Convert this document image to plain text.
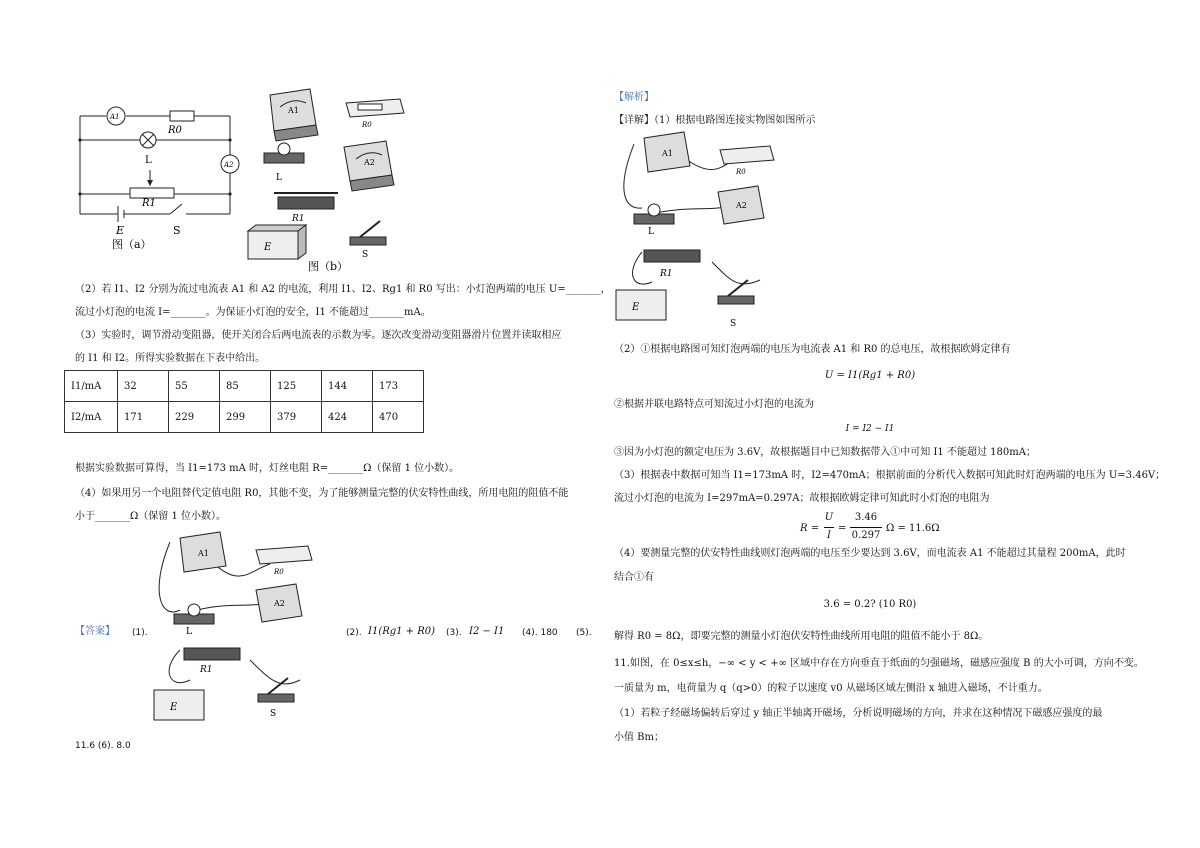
A1
R0
L	A2
R1
E	S
图（a）
A1
R0
L
A2
R1
E
S
图（b）
（2）若 I1、I2 分别为流过电流表 A1 和 A2 的电流，利用 I1、I2、Rg1 和 R0 写出：小灯泡两端的电压 U=_______，
流过小灯泡的电流 I=_______。为保证小灯泡的安全，I1 不能超过_______mA。
（3）实验时，调节滑动变阻器，使开关闭合后两电流表的示数为零。逐次改变滑动变阻器滑片位置并读取相应
的 I1 和 I2。所得实验数据在下表中给出。
I1/mA	32	55	85	125	144	173
I2/mA	171	229	299	379	424	470
根据实验数据可算得，当 I1=173 mA 时，灯丝电阻 R=_______Ω（保留 1 位小数）。
（4）如果用另一个电阻替代定值电阻 R0，其他不变，为了能够测量完整的伏安特性曲线，所用电阻的阻值不能
小于_______Ω（保留 1 位小数）。
A1
R0
L
A2
R1
E
S
【答案】 (1).	(2). I1(Rg1 + R0) (3). I2 − I1 (4). 180 (5).
11.6 (6). 8.0
【解析】
【详解】（1）根据电路图连接实物图如图所示
A1
R0
L
A2
R1
E
S
（2）①根据电路图可知灯泡两端的电压为电流表 A1 和 R0 的总电压，故根据欧姆定律有
U = I1(Rg1 + R0)
②根据并联电路特点可知流过小灯泡的电流为
I = I2 − I1
③因为小灯泡的额定电压为 3.6V，故根据题目中已知数据带入①中可知 I1 不能超过 180mA；
（3）根据表中数据可知当 I1=173mA 时，I2=470mA；根据前面的分析代入数据可知此时灯泡两端的电压为 U=3.46V；
流过小灯泡的电流为 I=297mA=0.297A；故根据欧姆定律可知此时小灯泡的电阻为
R =
U
I
=
3.46
0.297
Ω = 11.6Ω
（4）要测量完整的伏安特性曲线则灯泡两端的电压至少要达到 3.6V，而电流表 A1 不能超过其量程 200mA，此时
结合①有
3.6 = 0.2? (10 R0)
解得 R0 = 8Ω，即要完整的测量小灯泡伏安特性曲线所用电阻的阻值不能小于 8Ω。
11.如图，在 0≤x≤h，−∞ < y < +∞ 区域中存在方向垂直于纸面的匀强磁场，磁感应强度 B 的大小可调，方向不变。
一质量为 m，电荷量为 q（q>0）的粒子以速度 v0 从磁场区域左侧沿 x 轴进入磁场，不计重力。
（1）若粒子经磁场偏转后穿过 y 轴正半轴离开磁场，分析说明磁场的方向，并求在这种情况下磁感应强度的最
小值 Bm；
